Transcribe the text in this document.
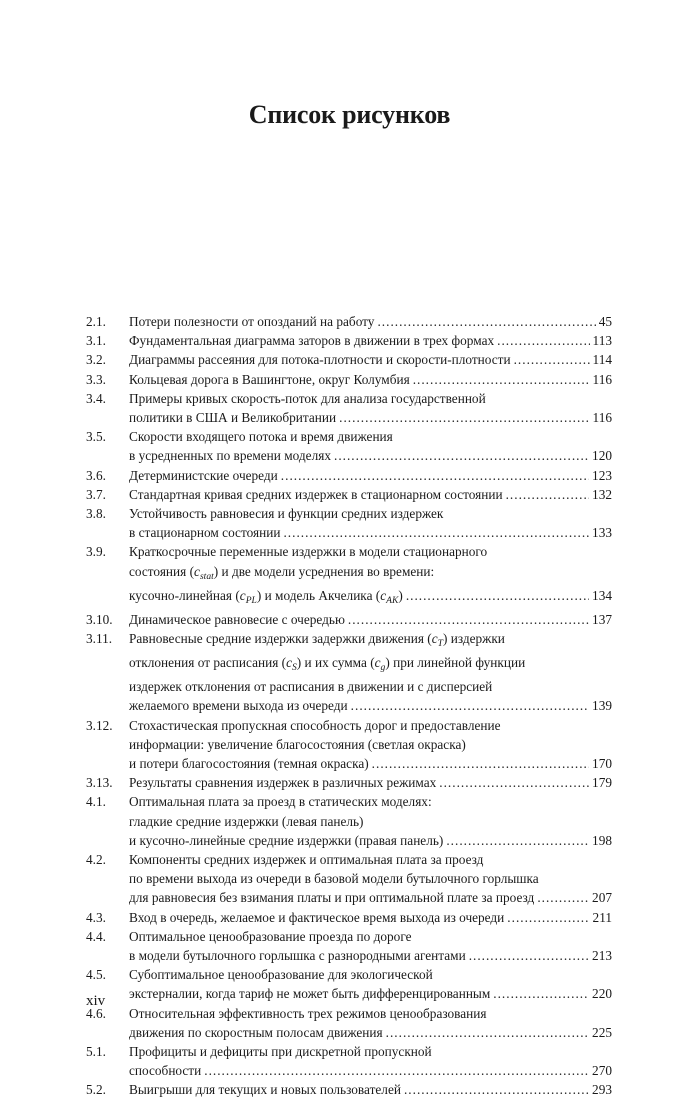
Список рисунков
2.1.	Потери полезности от опозданий на работу .....	45
3.1.	Фундаментальная диаграмма заторов в движении в трех формах .....	113
3.2.	Диаграммы рассеяния для потока-плотности и скорости-плотности .....	114
3.3.	Кольцевая дорога в Вашингтоне, округ Колумбия .....	116
3.4.	Примеры кривых скорость-поток для анализа государственной
политики в США и Великобритании .....	116
3.5.	Скорости входящего потока и время движения
в усредненных по времени моделях .....	120
3.6.	Детерминистские очереди .....	123
3.7.	Стандартная кривая средних издержек в стационарном состоянии .....	132
3.8.	Устойчивость равновесия и функции средних издержек
в стационарном состоянии .....	133
3.9.	Краткосрочные переменные издержки в модели стационарного
состояния $(c_{stat})$ и две модели усреднения во времени:
кусочно-линейная $(c_{PL})$ и модель Акчелика $(c_{AK})$ .....	134
3.10.	Динамическое равновесие с очередью .....	137
3.11.	Равновесные средние издержки задержки движения $(c_T)$ издержки
отклонения от расписания $(c_S)$ и их сумма $(c_g)$ при линейной функции
издержек отклонения от расписания в движении и с дисперсией
желаемого времени выхода из очереди .....	139
3.12.	Стохастическая пропускная способность дорог и предоставление
информации: увеличение благосостояния (светлая окраска)
и потери благосостояния (темная окраска) .....	170
3.13.	Результаты сравнения издержек в различных режимах .....	179
4.1.	Оптимальная плата за проезд в статических моделях:
гладкие средние издержки (левая панель)
и кусочно-линейные средние издержки (правая панель) .....	198
4.2.	Компоненты средних издержек и оптимальная плата за проезд
по времени выхода из очереди в базовой модели бутылочного горлышка
для равновесия без взимания платы и при оптимальной плате за проезд .....	207
4.3.	Вход в очередь, желаемое и фактическое время выхода из очереди .....	211
4.4.	Оптимальное ценообразование проезда по дороге
в модели бутылочного горлышка с разнородными агентами .....	213
4.5.	Субоптимальное ценообразование для экологической
экстерналии, когда тариф не может быть дифференцированным .....	220
4.6.	Относительная эффективность трех режимов ценообразования
движения по скоростным полосам движения .....	225
5.1.	Профициты и дефициты при дискретной пропускной
способности .....	270
5.2.	Выигрыши для текущих и новых пользователей .....	293
xiv
